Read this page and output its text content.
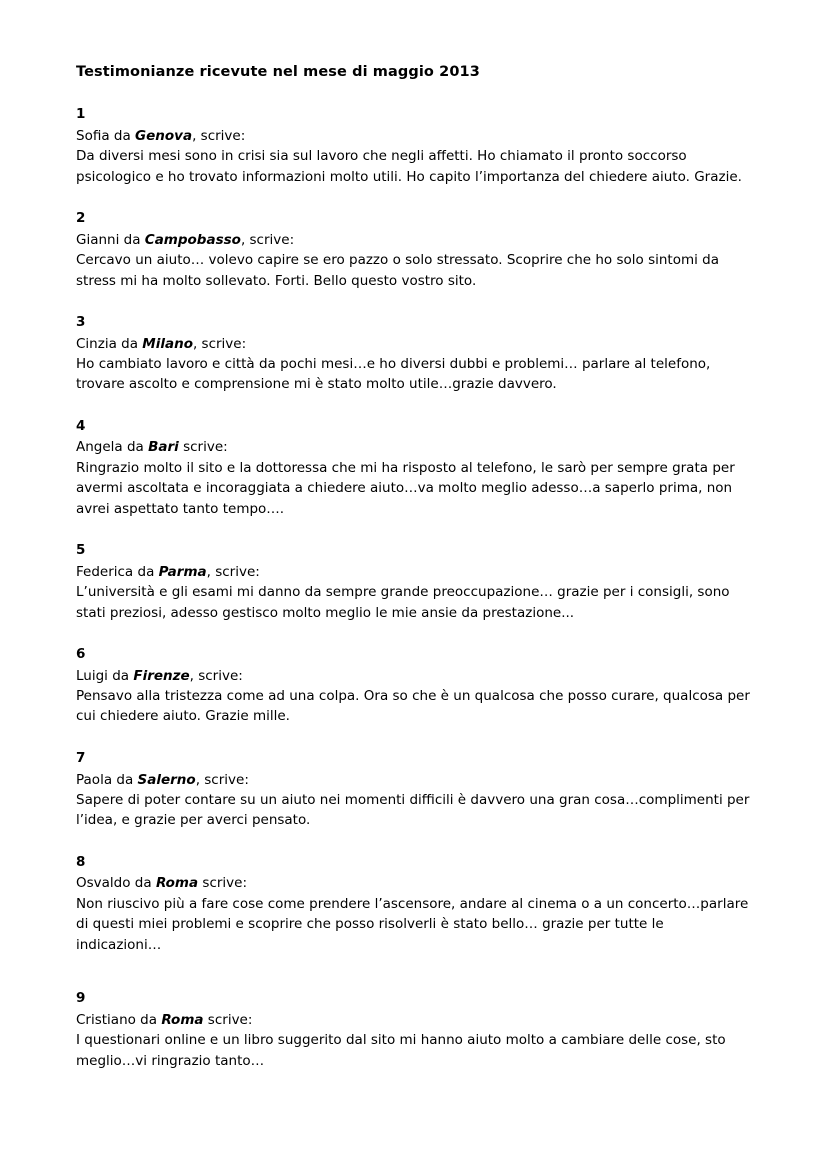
Testimonianze ricevute nel mese di maggio 2013
1
Sofia da Genova, scrive:
Da diversi mesi sono in crisi sia sul lavoro che negli affetti. Ho chiamato il pronto soccorso psicologico e ho trovato informazioni molto utili. Ho capito l’importanza del chiedere aiuto. Grazie.
2
Gianni da Campobasso, scrive:
Cercavo un aiuto… volevo capire se ero pazzo o solo stressato. Scoprire che ho solo sintomi da stress mi ha molto sollevato. Forti. Bello questo vostro sito.
3
Cinzia da Milano, scrive:
Ho cambiato lavoro e città da pochi mesi…e ho diversi dubbi e problemi… parlare al telefono, trovare ascolto e comprensione mi è stato molto utile…grazie davvero.
4
Angela da Bari scrive:
Ringrazio molto il sito e la dottoressa che mi ha risposto al telefono, le sarò per sempre grata per avermi ascoltata e incoraggiata a chiedere aiuto…va molto meglio adesso…a saperlo prima, non avrei aspettato tanto tempo….
5
Federica da Parma, scrive:
L’università e gli esami mi danno da sempre grande preoccupazione… grazie per i consigli, sono stati preziosi, adesso gestisco molto meglio le mie ansie da prestazione...
6
Luigi da Firenze, scrive:
Pensavo alla tristezza come ad una colpa. Ora so che è un qualcosa che posso curare, qualcosa per cui chiedere aiuto. Grazie mille.
7
Paola da Salerno, scrive:
Sapere di poter contare su un aiuto nei momenti difficili è davvero una gran cosa…complimenti per l’idea, e grazie per averci pensato.
8
Osvaldo da Roma scrive:
Non riuscivo più a fare cose come prendere l’ascensore, andare al cinema o a un concerto…parlare di questi miei problemi e scoprire che posso risolverli è stato bello… grazie per tutte le indicazioni…
9
Cristiano da Roma scrive:
I questionari online e un libro suggerito dal sito mi hanno aiuto molto a cambiare delle cose, sto meglio…vi ringrazio tanto…
